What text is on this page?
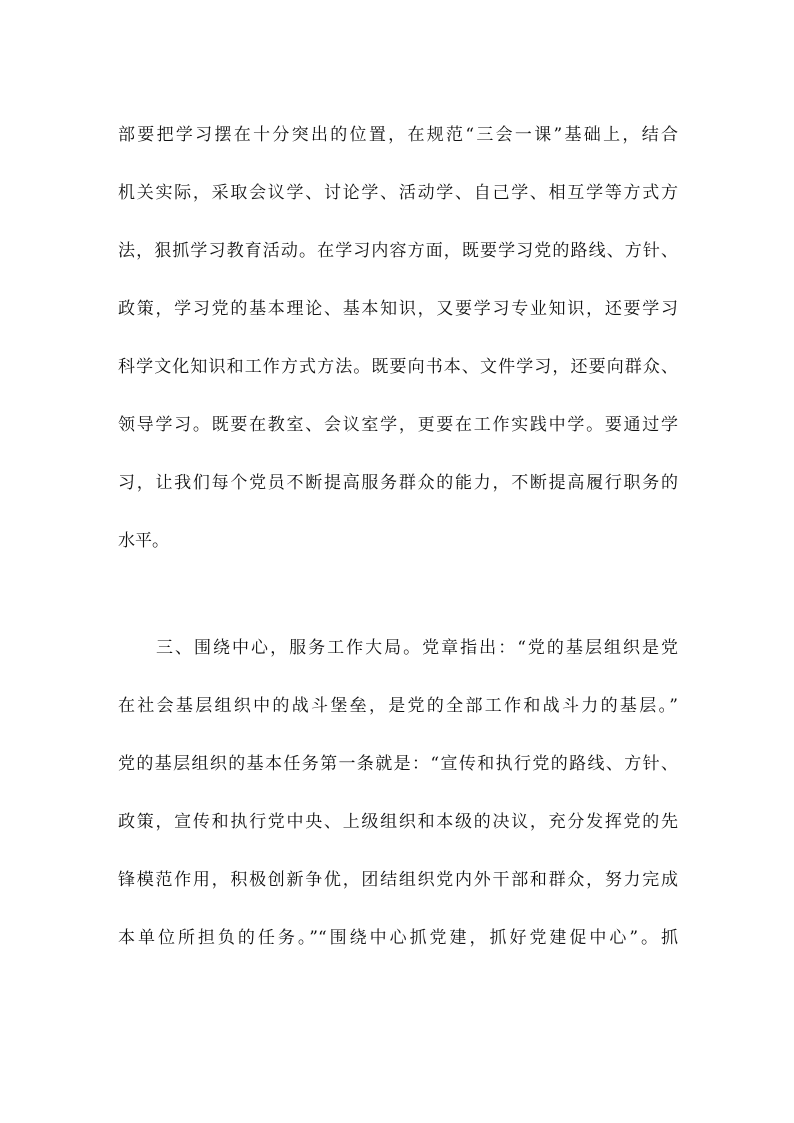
部要把学习摆在十分突出的位置，在规范“三会一课”基础上，结合
机关实际，采取会议学、讨论学、活动学、自己学、相互学等方式方
法，狠抓学习教育活动。在学习内容方面，既要学习党的路线、方针、
政策，学习党的基本理论、基本知识，又要学习专业知识，还要学习
科学文化知识和工作方式方法。既要向书本、文件学习，还要向群众、
领导学习。既要在教室、会议室学，更要在工作实践中学。要通过学
习，让我们每个党员不断提高服务群众的能力，不断提高履行职务的
水平。
三、围绕中心，服务工作大局。党章指出：“党的基层组织是党
在社会基层组织中的战斗堡垒，是党的全部工作和战斗力的基层。”
党的基层组织的基本任务第一条就是：“宣传和执行党的路线、方针、
政策，宣传和执行党中央、上级组织和本级的决议，充分发挥党的先
锋模范作用，积极创新争优，团结组织党内外干部和群众，努力完成
本单位所担负的任务。”“围绕中心抓党建，抓好党建促中心”。抓
